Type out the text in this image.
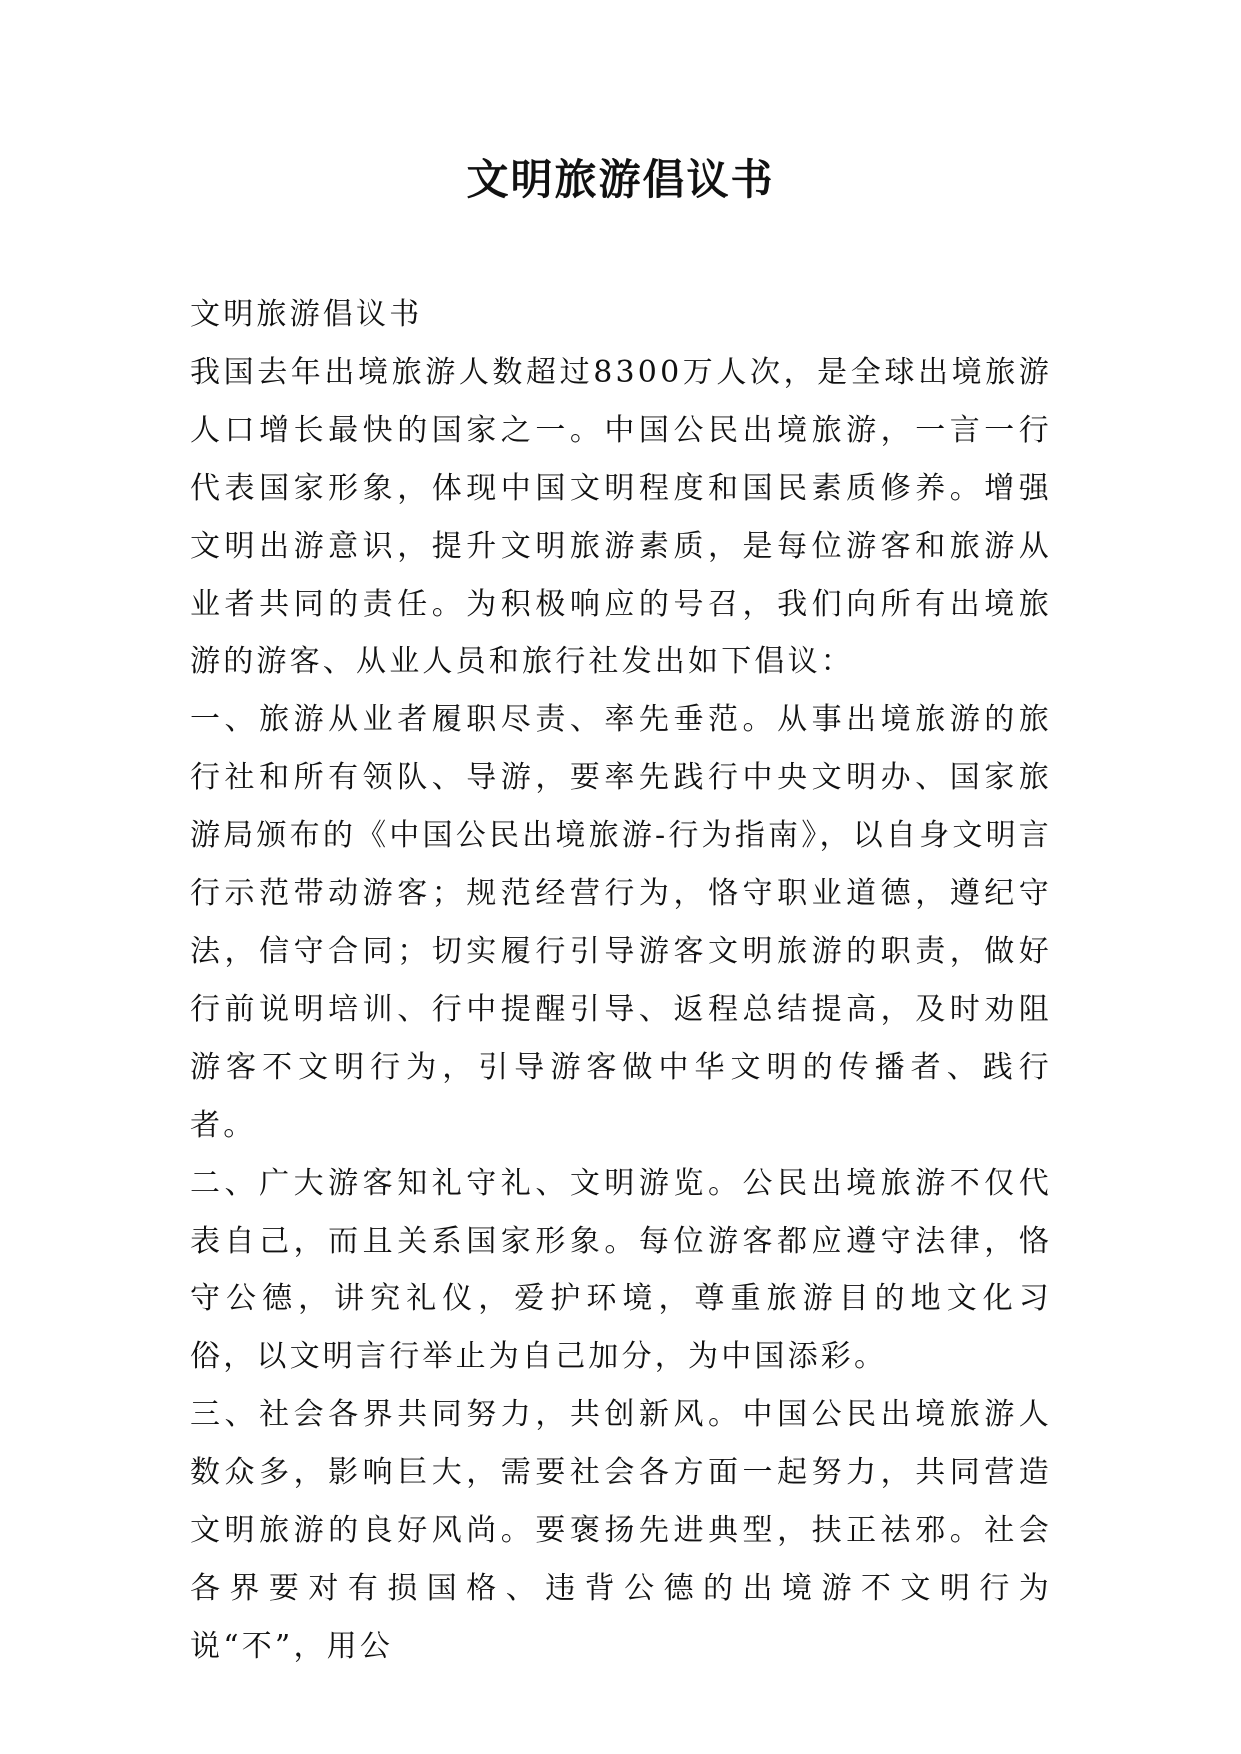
文明旅游倡议书

文明旅游倡议书

我国去年出境旅游人数超过8300万人次，是全球出境旅游人口增长最快的国家之一。中国公民出境旅游，一言一行代表国家形象，体现中国文明程度和国民素质修养。增强文明出游意识，提升文明旅游素质，是每位游客和旅游从业者共同的责任。为积极响应的号召，我们向所有出境旅游的游客、从业人员和旅行社发出如下倡议：

一、旅游从业者履职尽责、率先垂范。从事出境旅游的旅行社和所有领队、导游，要率先践行中央文明办、国家旅游局颁布的《中国公民出境旅游-行为指南》，以自身文明言行示范带动游客；规范经营行为，恪守职业道德，遵纪守法，信守合同；切实履行引导游客文明旅游的职责，做好行前说明培训、行中提醒引导、返程总结提高，及时劝阻游客不文明行为，引导游客做中华文明的传播者、践行者。

二、广大游客知礼守礼、文明游览。公民出境旅游不仅代表自己，而且关系国家形象。每位游客都应遵守法律，恪守公德，讲究礼仪，爱护环境，尊重旅游目的地文化习俗，以文明言行举止为自己加分，为中国添彩。

三、社会各界共同努力，共创新风。中国公民出境旅游人数众多，影响巨大，需要社会各方面一起努力，共同营造文明旅游的良好风尚。要褒扬先进典型，扶正祛邪。社会各界要对有损国格、违背公德的出境游不文明行为说“不”，用公
